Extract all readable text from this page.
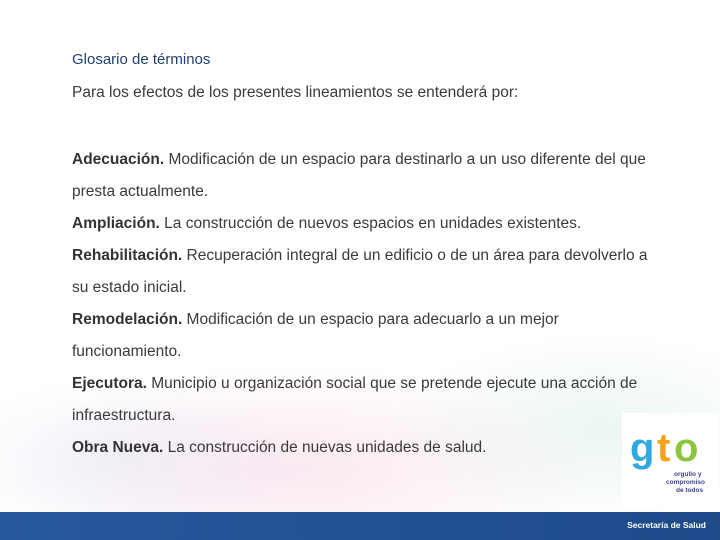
Glosario de términos
Para los efectos de los presentes lineamientos se entenderá por:

Adecuación. Modificación de un espacio para destinarlo a un uso diferente del que presta actualmente.

Ampliación. La construcción de nuevos espacios en unidades existentes.

Rehabilitación. Recuperación integral de un edificio o de un área para devolverlo a su estado inicial.

Remodelación. Modificación de un espacio para adecuarlo a un mejor funcionamiento.

Ejecutora. Municipio u organización social que se pretende ejecute una acción de infraestructura.

Obra Nueva. La construcción de nuevas unidades de salud.	g t o
orgullo y
compromiso
de todos
Secretaría de Salud
